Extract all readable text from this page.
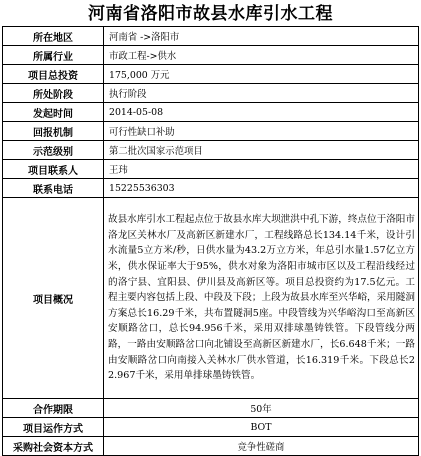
河南省洛阳市故县水库引水工程
所在地区	河南省 ->洛阳市
所属行业	市政工程->供水
项目总投资	175,000 万元
所处阶段	执行阶段
发起时间	2014-05-08
回报机制	可行性缺口补助
示范级别	第二批次国家示范项目
项目联系人	王玮
联系电话	15225536303
项目概况	故县水库引水工程起点位于故县水库大坝泄洪中孔下游，终点位于洛阳市洛龙区关林水厂及高新区新建水厂，工程线路总长134.14千米，设计引水流量5立方米/秒，日供水量为43.2万立方米，年总引水量1.57亿立方米，供水保证率大于95%，供水对象为洛阳市城市区以及工程沿线经过的洛宁县、宜阳县、伊川县及高新区等。项目总投资约为17.5亿元。工程主要内容包括上段、中段及下段；上段为故县水库至兴华峪，采用隧洞方案总长16.29千米，共布置隧洞5座。中段管线为兴华峪沟口至高新区安顺路岔口，总长94.956千米，采用双排球墨铸铁管。下段管线分两路，一路由安顺路岔口向北铺设至高新区新建水厂，长6.648千米；一路由安顺路岔口向南接入关林水厂供水管道，长16.319千米。下段总长22.967千米，采用单排球墨铸铁管。
合作期限	50年
项目运作方式	BOT
采购社会资本方式	竞争性磋商
